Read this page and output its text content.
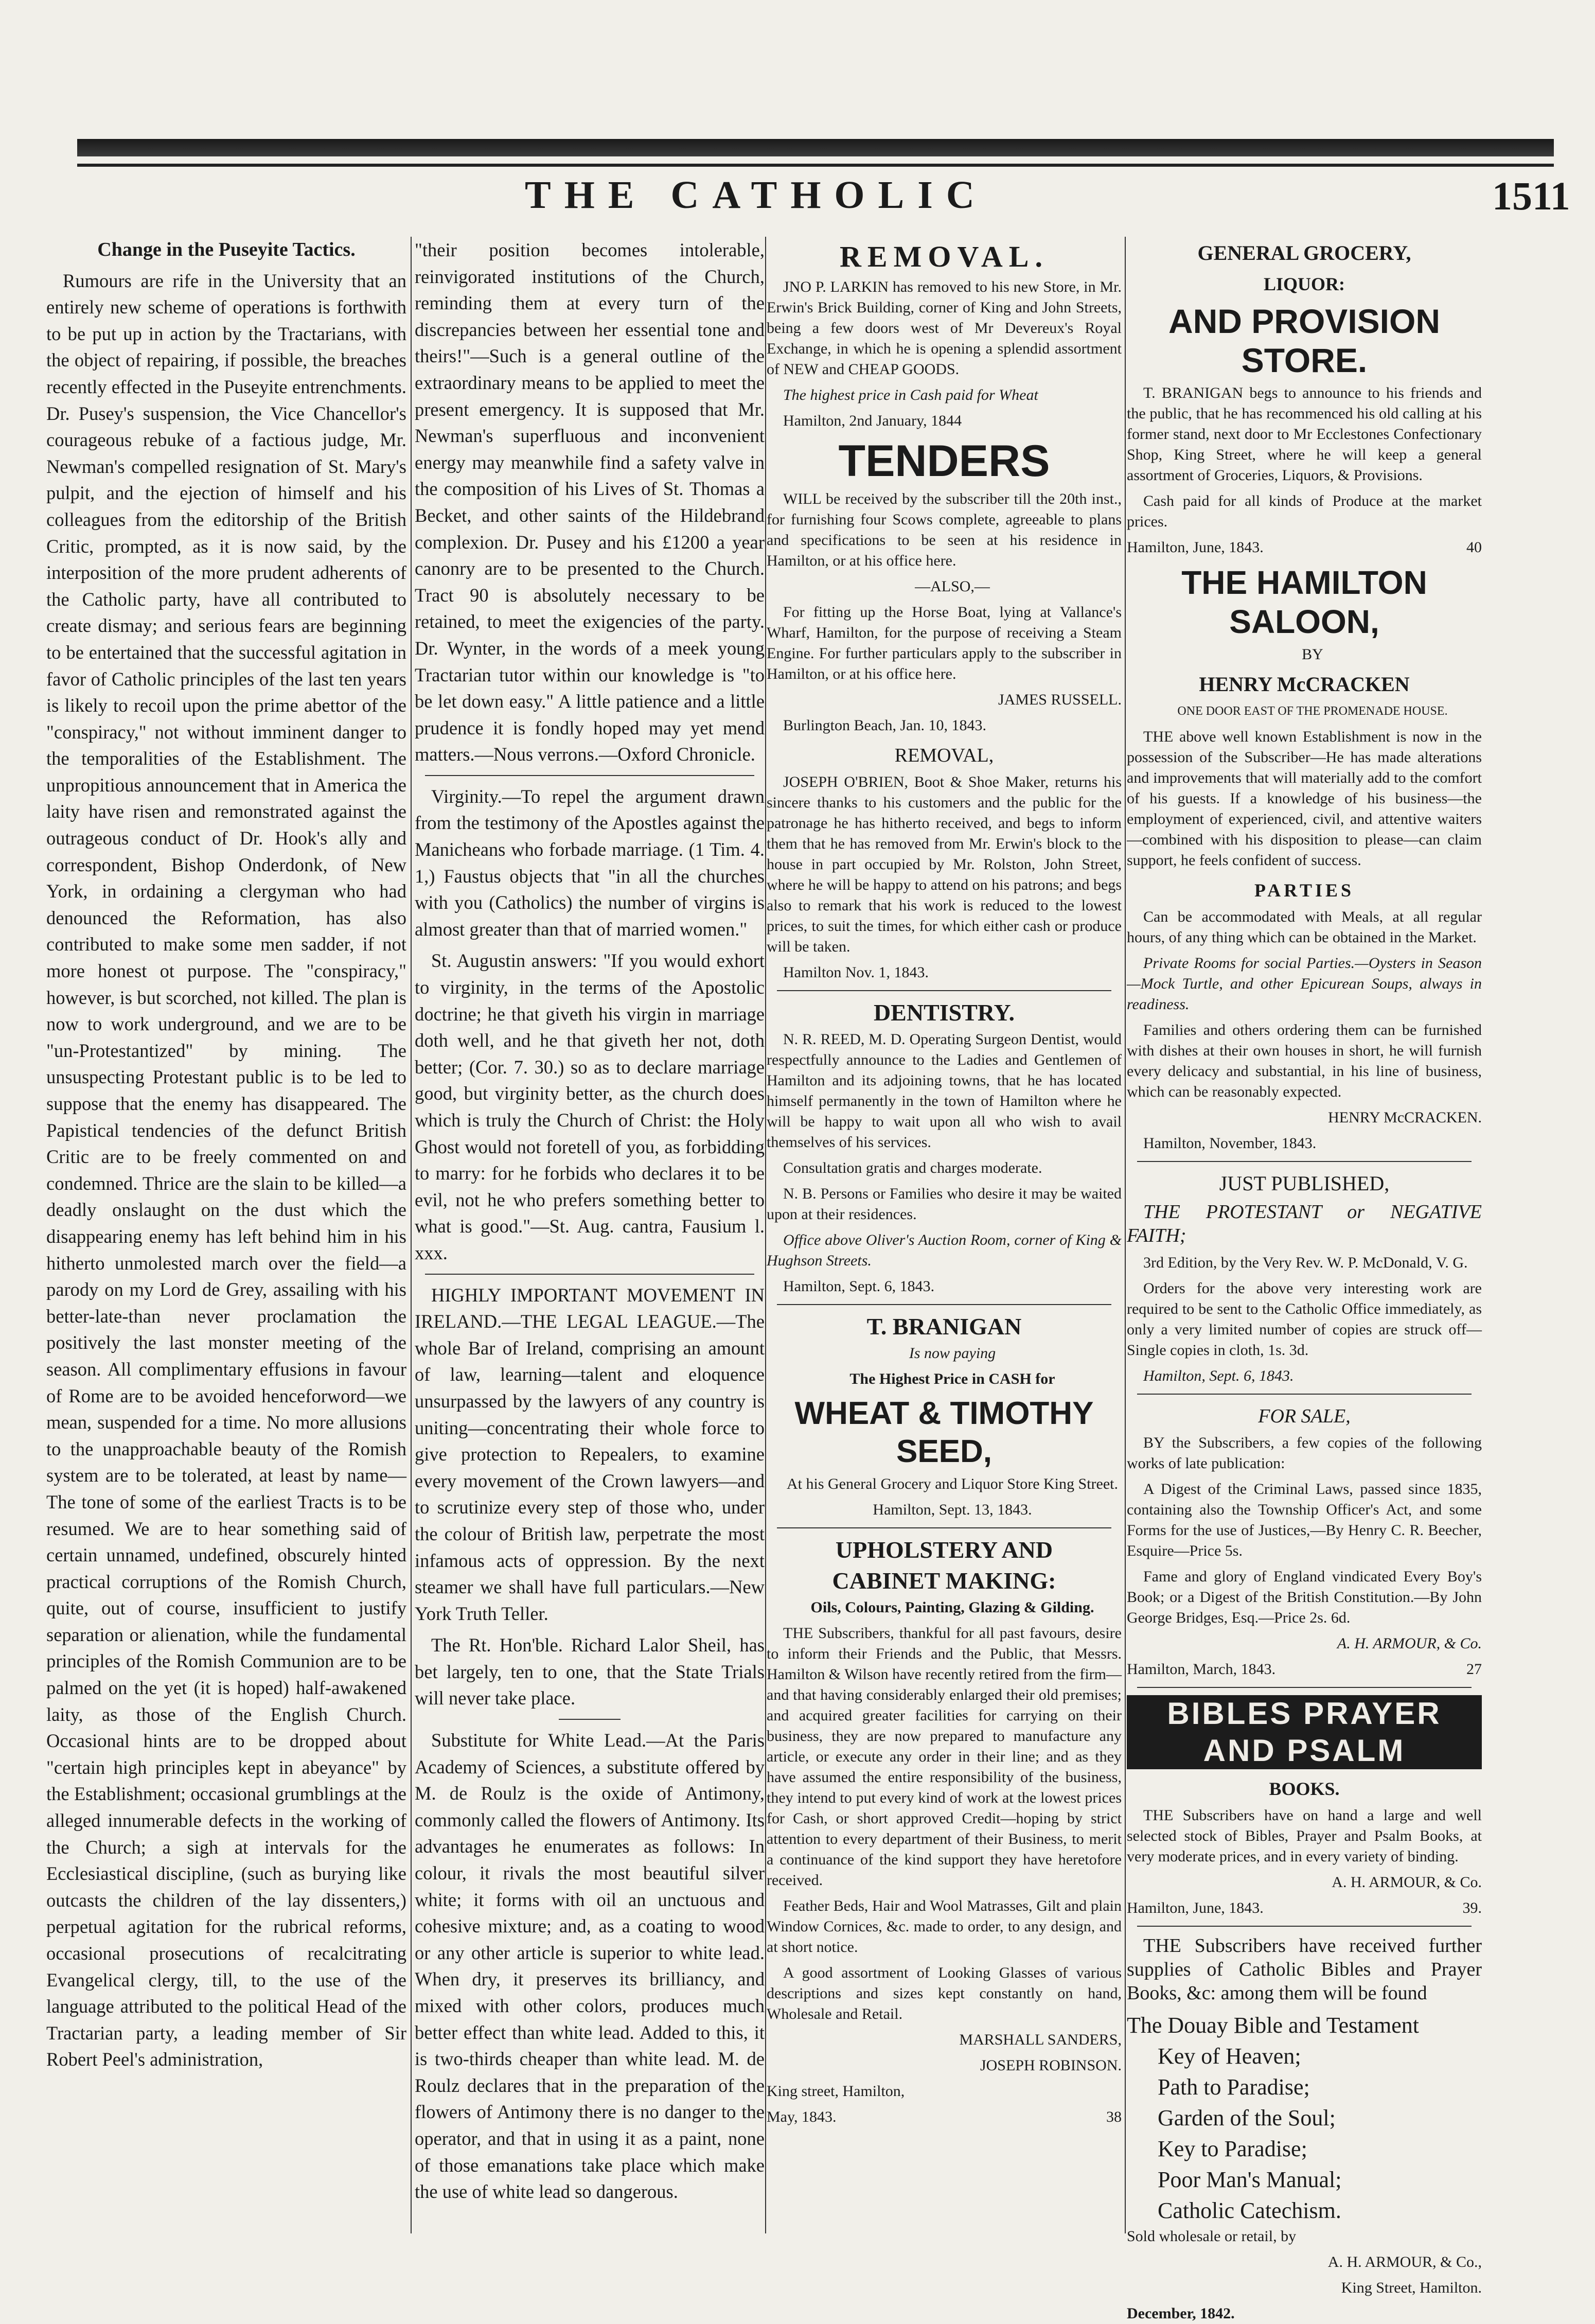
THE CATHOLIC	1511
Change in the Puseyite Tactics.

Rumours are rife in the University that an entirely new scheme of operations is forthwith to be put up in action by the Tractarians, with the object of repairing, if possible, the breaches recently effected in the Puseyite entrenchments. Dr. Pusey's suspension, the Vice Chancellor's courageous rebuke of a factious judge, Mr. Newman's compelled resignation of St. Mary's pulpit, and the ejection of himself and his colleagues from the editorship of the British Critic, prompted, as it is now said, by the interposition of the more prudent adherents of the Catholic party, have all contributed to create dismay; and serious fears are beginning to be entertained that the successful agitation in favor of Catholic principles of the last ten years is likely to recoil upon the prime abettor of the "conspiracy," not without imminent danger to the temporalities of the Establishment. The unpropitious announcement that in America the laity have risen and remonstrated against the outrageous conduct of Dr. Hook's ally and correspondent, Bishop Onderdonk, of New York, in ordaining a clergyman who had denounced the Reformation, has also contributed to make some men sadder, if not more honest ot purpose. The "conspiracy," however, is but scorched, not killed. The plan is now to work underground, and we are to be "un-Protestantized" by mining. The unsuspecting Protestant public is to be led to suppose that the enemy has disappeared. The Papistical tendencies of the defunct British Critic are to be freely commented on and condemned. Thrice are the slain to be killed—a deadly onslaught on the dust which the disappearing enemy has left behind him in his hitherto unmolested march over the field—a parody on my Lord de Grey, assailing with his better-late-than never proclamation the positively the last monster meeting of the season. All complimentary effusions in favour of Rome are to be avoided henceforword—we mean, suspended for a time. No more allusions to the unapproachable beauty of the Romish system are to be tolerated, at least by name—The tone of some of the earliest Tracts is to be resumed. We are to hear something said of certain unnamed, undefined, obscurely hinted practical corruptions of the Romish Church, quite, out of course, insufficient to justify separation or alienation, while the fundamental principles of the Romish Communion are to be palmed on the yet (it is hoped) half-awakened laity, as those of the English Church. Occasional hints are to be dropped about "certain high principles kept in abeyance" by the Establishment; occasional grumblings at the alleged innumerable defects in the working of the Church; a sigh at intervals for the Ecclesiastical discipline, (such as burying like outcasts the children of the lay dissenters,) perpetual agitation for the rubrical reforms, occasional prosecutions of recalcitrating Evangelical clergy, till, to the use of the language attributed to the political Head of the Tractarian party, a leading member of Sir Robert Peel's administration,

"their position becomes intolerable, reinvigorated institutions of the Church, reminding them at every turn of the discrepancies between her essential tone and theirs!"—Such is a general outline of the extraordinary means to be applied to meet the present emergency. It is supposed that Mr. Newman's superfluous and inconvenient energy may meanwhile find a safety valve in the composition of his Lives of St. Thomas a Becket, and other saints of the Hildebrand complexion. Dr. Pusey and his £1200 a year canonry are to be presented to the Church. Tract 90 is absolutely necessary to be retained, to meet the exigencies of the party. Dr. Wynter, in the words of a meek young Tractarian tutor within our knowledge is "to be let down easy." A little patience and a little prudence it is fondly hoped may yet mend matters.—Nous verrons.—Oxford Chronicle.

Virginity.—To repel the argument drawn from the testimony of the Apostles against the Manicheans who forbade marriage. (1 Tim. 4. 1,) Faustus objects that "in all the churches with you (Catholics) the number of virgins is almost greater than that of married women."

St. Augustin answers: "If you would exhort to virginity, in the terms of the Apostolic doctrine; he that giveth his virgin in marriage doth well, and he that giveth her not, doth better; (Cor. 7. 30.) so as to declare marriage good, but virginity better, as the church does which is truly the Church of Christ: the Holy Ghost would not foretell of you, as forbidding to marry: for he forbids who declares it to be evil, not he who prefers something better to what is good."—St. Aug. cantra, Fausium l. xxx.

HIGHLY IMPORTANT MOVEMENT IN IRELAND.—THE LEGAL LEAGUE.—The whole Bar of Ireland, comprising an amount of law, learning—talent and eloquence unsurpassed by the lawyers of any country is uniting—concentrating their whole force to give protection to Repealers, to examine every movement of the Crown lawyers—and to scrutinize every step of those who, under the colour of British law, perpetrate the most infamous acts of oppression. By the next steamer we shall have full particulars.—New York Truth Teller.

The Rt. Hon'ble. Richard Lalor Sheil, has bet largely, ten to one, that the State Trials will never take place.

Substitute for White Lead.—At the Paris Academy of Sciences, a substitute offered by M. de Roulz is the oxide of Antimony, commonly called the flowers of Antimony. Its advantages he enumerates as follows: In colour, it rivals the most beautiful silver white; it forms with oil an unctuous and cohesive mixture; and, as a coating to wood or any other article is superior to white lead. When dry, it preserves its brilliancy, and mixed with other colors, produces much better effect than white lead. Added to this, it is two-thirds cheaper than white lead. M. de Roulz declares that in the preparation of the flowers of Antimony there is no danger to the operator, and that in using it as a paint, none of those emanations take place which make the use of white lead so dangerous.

REMOVAL.

JNO P. LARKIN has removed to his new Store, in Mr. Erwin's Brick Building, corner of King and John Streets, being a few doors west of Mr Devereux's Royal Exchange, in which he is opening a splendid assortment of NEW and CHEAP GOODS.

The highest price in Cash paid for Wheat

Hamilton, 2nd January, 1844

TENDERS

WILL be received by the subscriber till the 20th inst., for furnishing four Scows complete, agreeable to plans and specifications to be seen at his residence in Hamilton, or at his office here.

—ALSO,—

For fitting up the Horse Boat, lying at Vallance's Wharf, Hamilton, for the purpose of receiving a Steam Engine. For further particulars apply to the subscriber in Hamilton, or at his office here.

JAMES RUSSELL.

Burlington Beach, Jan. 10, 1843.

REMOVAL,

JOSEPH O'BRIEN, Boot & Shoe Maker, returns his sincere thanks to his customers and the public for the patronage he has hitherto received, and begs to inform them that he has removed from Mr. Erwin's block to the house in part occupied by Mr. Rolston, John Street, where he will be happy to attend on his patrons; and begs also to remark that his work is reduced to the lowest prices, to suit the times, for which either cash or produce will be taken.

Hamilton Nov. 1, 1843.

DENTISTRY.

N. R. REED, M. D. Operating Surgeon Dentist, would respectfully announce to the Ladies and Gentlemen of Hamilton and its adjoining towns, that he has located himself permanently in the town of Hamilton where he will be happy to wait upon all who wish to avail themselves of his services.

Consultation gratis and charges moderate.

N. B. Persons or Families who desire it may be waited upon at their residences.

Office above Oliver's Auction Room, corner of King & Hughson Streets.

Hamilton, Sept. 6, 1843.

T. BRANIGAN

Is now paying

The Highest Price in CASH for

WHEAT & TIMOTHY SEED,

At his General Grocery and Liquor Store King Street.

Hamilton, Sept. 13, 1843.

UPHOLSTERY AND
CABINET MAKING:

Oils, Colours, Painting, Glazing & Gilding.

THE Subscribers, thankful for all past favours, desire to inform their Friends and the Public, that Messrs. Hamilton & Wilson have recently retired from the firm—and that having considerably enlarged their old premises; and acquired greater facilities for carrying on their business, they are now prepared to manufacture any article, or execute any order in their line; and as they have assumed the entire responsibility of the business, they intend to put every kind of work at the lowest prices for Cash, or short approved Credit—hoping by strict attention to every department of their Business, to merit a continuance of the kind support they have heretofore received.

Feather Beds, Hair and Wool Matrasses, Gilt and plain Window Cornices, &c. made to order, to any design, and at short notice.

A good assortment of Looking Glasses of various descriptions and sizes kept constantly on hand, Wholesale and Retail.

MARSHALL SANDERS,

JOSEPH ROBINSON.

King street, Hamilton,

May, 1843.	38

GENERAL GROCERY,
LIQUOR:
AND PROVISION STORE.

T. BRANIGAN begs to announce to his friends and the public, that he has recommenced his old calling at his former stand, next door to Mr Ecclestones Confectionary Shop, King Street, where he will keep a general assortment of Groceries, Liquors, & Provisions.

Cash paid for all kinds of Produce at the market prices.

Hamilton, June, 1843.	40

THE HAMILTON SALOON,

BY

HENRY McCRACKEN

ONE DOOR EAST OF THE PROMENADE HOUSE.

THE above well known Establishment is now in the possession of the Subscriber—He has made alterations and improvements that will materially add to the comfort of his guests. If a knowledge of his business—the employment of experienced, civil, and attentive waiters—combined with his disposition to please—can claim support, he feels confident of success.

PARTIES

Can be accommodated with Meals, at all regular hours, of any thing which can be obtained in the Market.

Private Rooms for social Parties.—Oysters in Season—Mock Turtle, and other Epicurean Soups, always in readiness.

Families and others ordering them can be furnished with dishes at their own houses in short, he will furnish every delicacy and substantial, in his line of business, which can be reasonably expected.

HENRY McCRACKEN.

Hamilton, November, 1843.

JUST PUBLISHED,

THE PROTESTANT or NEGATIVE FAITH;

3rd Edition, by the Very Rev. W. P. McDonald, V. G.

Orders for the above very interesting work are required to be sent to the Catholic Office immediately, as only a very limited number of copies are struck off—Single copies in cloth, 1s. 3d.

Hamilton, Sept. 6, 1843.

FOR SALE,

BY the Subscribers, a few copies of the following works of late publication:

A Digest of the Criminal Laws, passed since 1835, containing also the Township Officer's Act, and some Forms for the use of Justices,—By Henry C. R. Beecher, Esquire—Price 5s.

Fame and glory of England vindicated Every Boy's Book; or a Digest of the British Constitution.—By John George Bridges, Esq.—Price 2s. 6d.

A. H. ARMOUR, & Co.

Hamilton, March, 1843.	27

BIBLES PRAYER AND PSALM
BOOKS.

THE Subscribers have on hand a large and well selected stock of Bibles, Prayer and Psalm Books, at very moderate prices, and in every variety of binding.

A. H. ARMOUR, & Co.

Hamilton, June, 1843.	39.

THE Subscribers have received further supplies of Catholic Bibles and Prayer Books, &c: among them will be found

The Douay Bible and Testament
Key of Heaven;
Path to Paradise;
Garden of the Soul;
Key to Paradise;
Poor Man's Manual;
Catholic Catechism.

Sold wholesale or retail, by

A. H. ARMOUR, & Co.,

King Street, Hamilton.

December, 1842.
